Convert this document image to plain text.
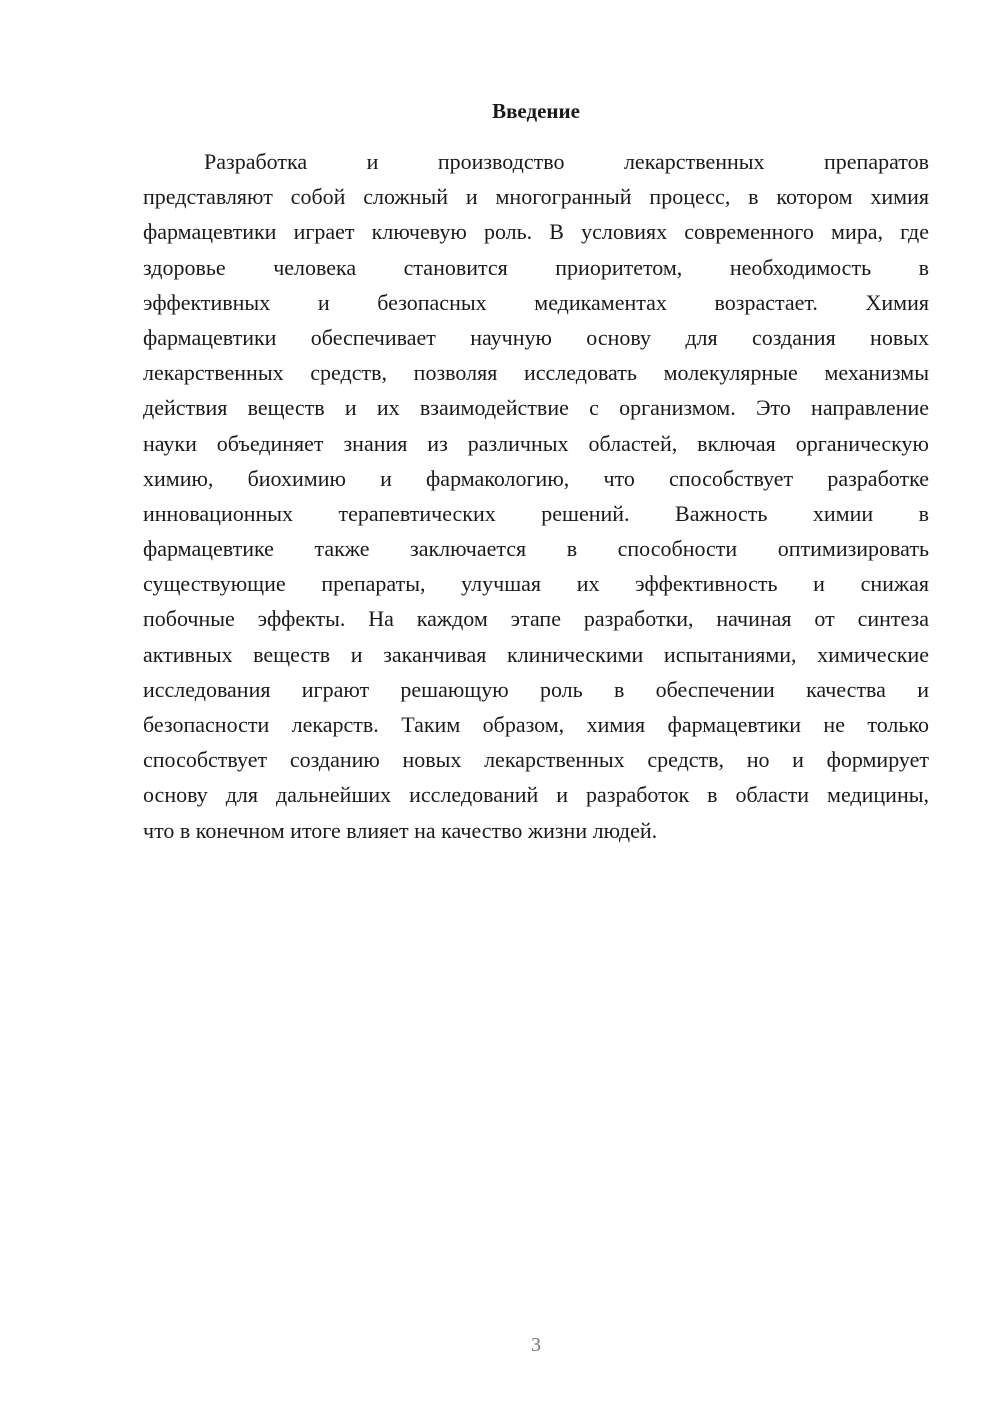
Введение
Разработка и производство лекарственных препаратов
представляют собой сложный и многогранный процесс, в котором химия
фармацевтики играет ключевую роль. В условиях современного мира, где
здоровье человека становится приоритетом, необходимость в
эффективных и безопасных медикаментах возрастает. Химия
фармацевтики обеспечивает научную основу для создания новых
лекарственных средств, позволяя исследовать молекулярные механизмы
действия веществ и их взаимодействие с организмом. Это направление
науки объединяет знания из различных областей, включая органическую
химию, биохимию и фармакологию, что способствует разработке
инновационных терапевтических решений. Важность химии в
фармацевтике также заключается в способности оптимизировать
существующие препараты, улучшая их эффективность и снижая
побочные эффекты. На каждом этапе разработки, начиная от синтеза
активных веществ и заканчивая клиническими испытаниями, химические
исследования играют решающую роль в обеспечении качества и
безопасности лекарств. Таким образом, химия фармацевтики не только
способствует созданию новых лекарственных средств, но и формирует
основу для дальнейших исследований и разработок в области медицины,
что в конечном итоге влияет на качество жизни людей.
3
